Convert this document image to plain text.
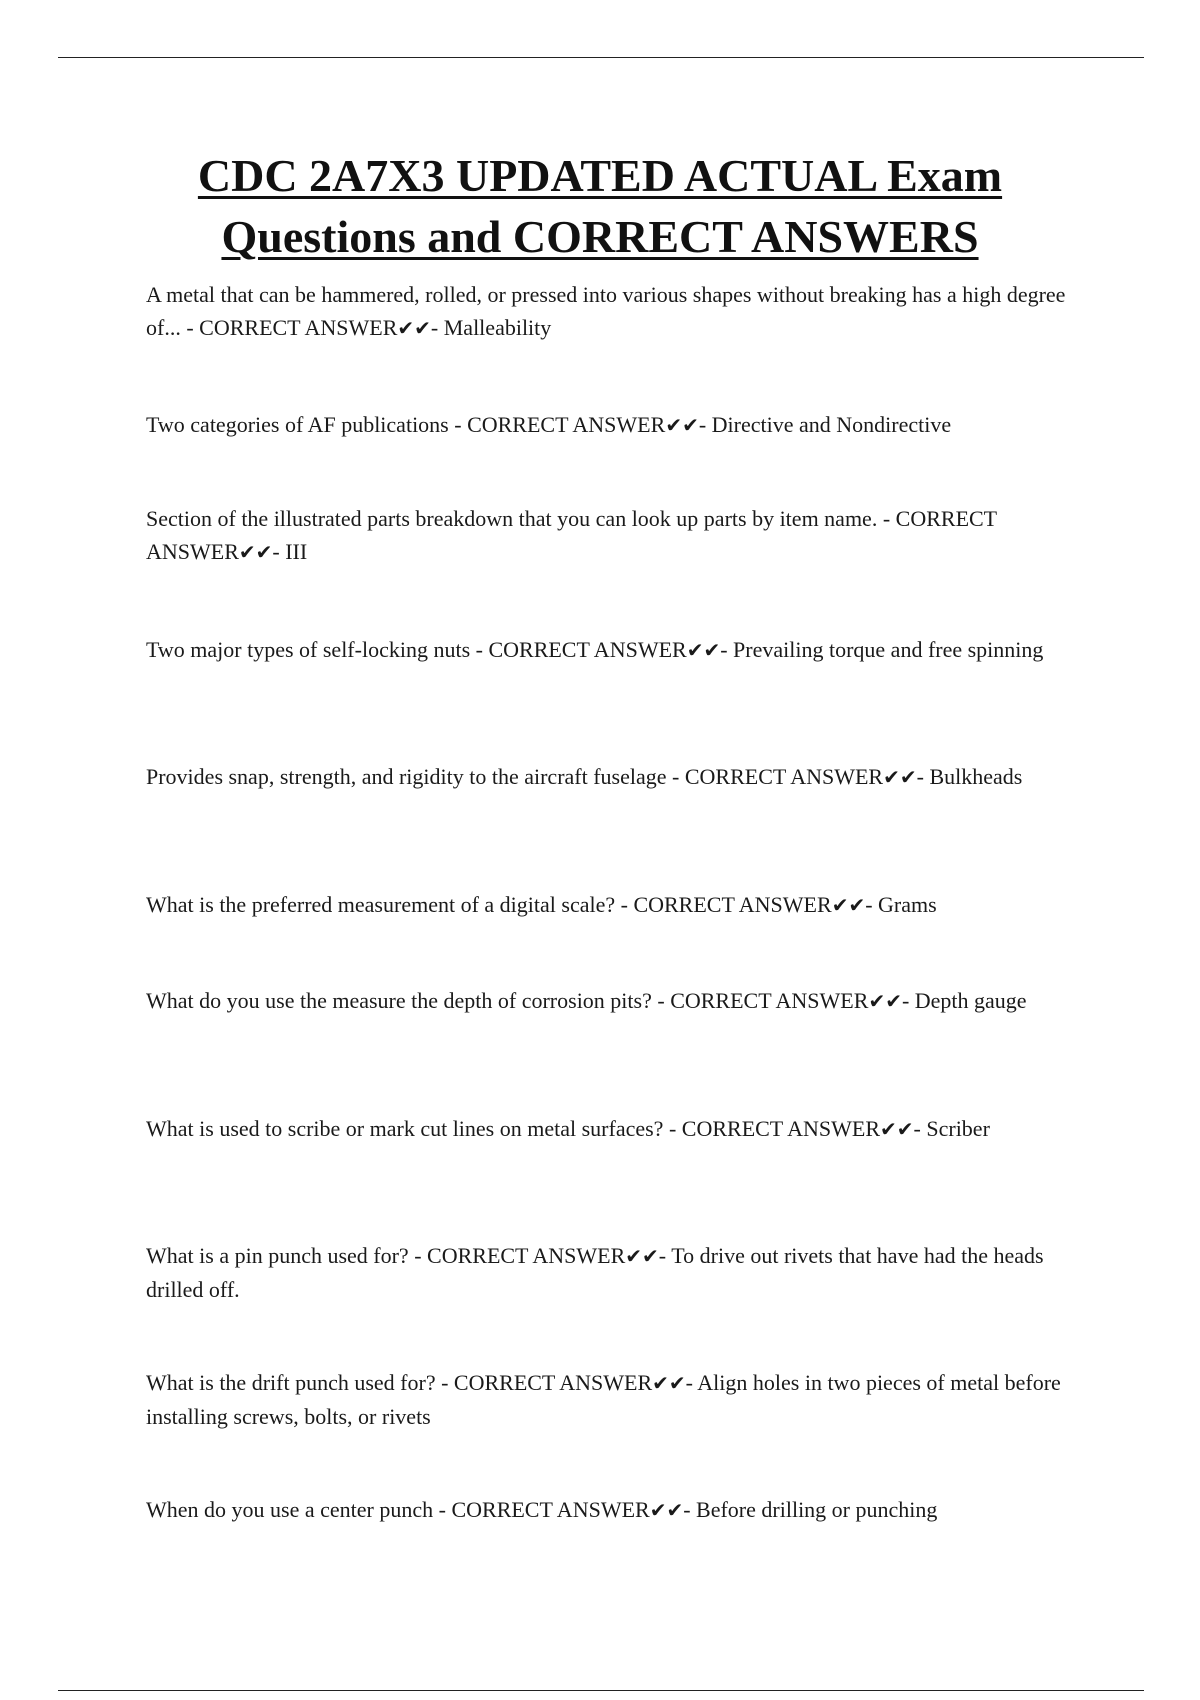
CDC 2A7X3 UPDATED ACTUAL Exam Questions and CORRECT ANSWERS
A metal that can be hammered, rolled, or pressed into various shapes without breaking has a high degree of... - CORRECT ANSWER✔✔- Malleability
Two categories of AF publications - CORRECT ANSWER✔✔- Directive and Nondirective
Section of the illustrated parts breakdown that you can look up parts by item name. - CORRECT ANSWER✔✔- III
Two major types of self-locking nuts - CORRECT ANSWER✔✔- Prevailing torque and free spinning
Provides snap, strength, and rigidity to the aircraft fuselage - CORRECT ANSWER✔✔- Bulkheads
What is the preferred measurement of a digital scale? - CORRECT ANSWER✔✔- Grams
What do you use the measure the depth of corrosion pits? - CORRECT ANSWER✔✔- Depth gauge
What is used to scribe or mark cut lines on metal surfaces? - CORRECT ANSWER✔✔- Scriber
What is a pin punch used for? - CORRECT ANSWER✔✔- To drive out rivets that have had the heads drilled off.
What is the drift punch used for? - CORRECT ANSWER✔✔- Align holes in two pieces of metal before installing screws, bolts, or rivets
When do you use a center punch - CORRECT ANSWER✔✔- Before drilling or punching
